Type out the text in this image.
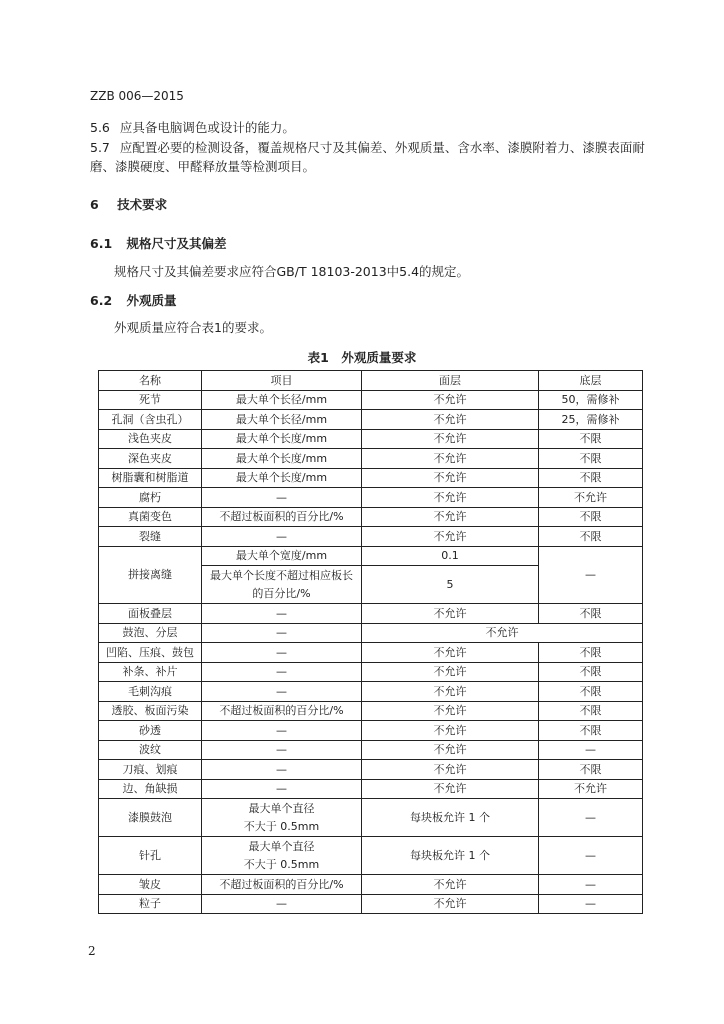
ZZB 006—2015
5.6 应具备电脑调色或设计的能力。
5.7 应配置必要的检测设备，覆盖规格尺寸及其偏差、外观质量、含水率、漆膜附着力、漆膜表面耐
磨、漆膜硬度、甲醛释放量等检测项目。
6 技术要求
6.1 规格尺寸及其偏差
规格尺寸及其偏差要求应符合GB/T 18103-2013中5.4的规定。
6.2 外观质量
外观质量应符合表1的要求。
表1　外观质量要求
名称	项目	面层	底层
死节	最大单个长径/mm	不允许	50，需修补
孔洞（含虫孔）	最大单个长径/mm	不允许	25，需修补
浅色夹皮	最大单个长度/mm	不允许	不限
深色夹皮	最大单个长度/mm	不允许	不限
树脂囊和树脂道	最大单个长度/mm	不允许	不限
腐朽	—	不允许	不允许
真菌变色	不超过板面积的百分比/%	不允许	不限
裂缝	—	不允许	不限
拼接离缝	最大单个宽度/mm	0.1	—
	最大单个长度不超过相应板长
的百分比/%	5	
面板叠层	—	不允许	不限
鼓泡、分层	—	不允许	
凹陷、压痕、鼓包	—	不允许	不限
补条、补片	—	不允许	不限
毛刺沟痕	—	不允许	不限
透胶、板面污染	不超过板面积的百分比/%	不允许	不限
砂透	—	不允许	不限
波纹	—	不允许	—
刀痕、划痕	—	不允许	不限
边、角缺损	—	不允许	不允许
漆膜鼓泡	最大单个直径
不大于 0.5mm	每块板允许 1 个	—
针孔	最大单个直径
不大于 0.5mm	每块板允许 1 个	—
皱皮	不超过板面积的百分比/%	不允许	—
粒子	—	不允许	—
2
